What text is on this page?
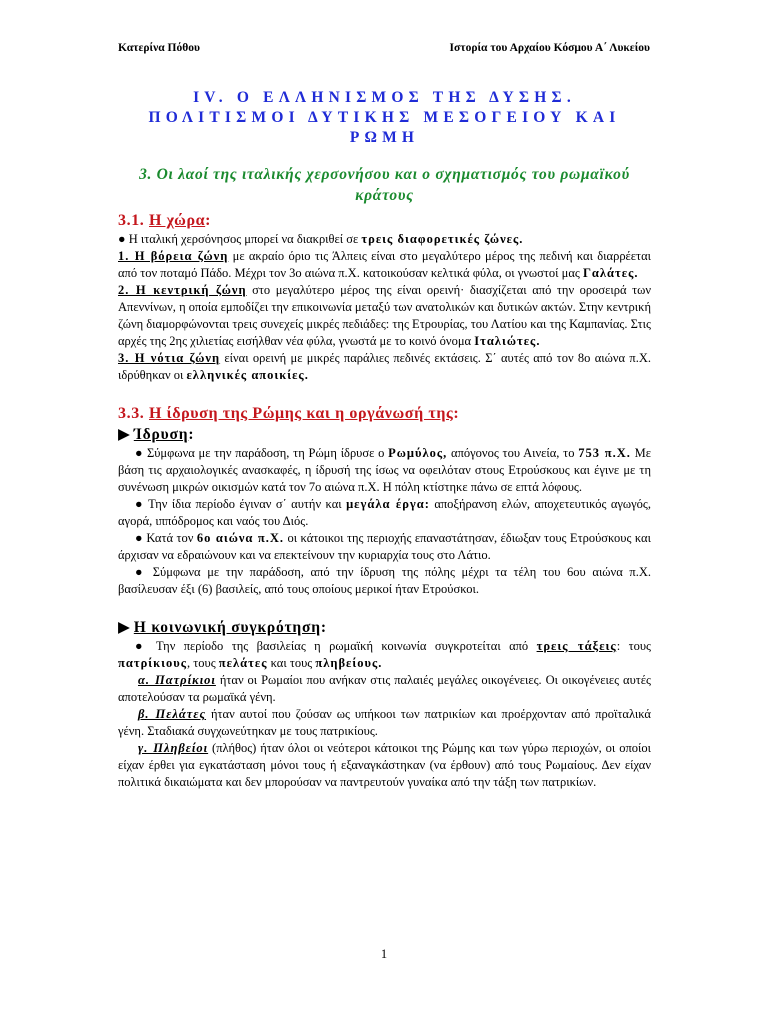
Κατερίνα Πόθου	Ιστορία του Αρχαίου Κόσμου Α΄ Λυκείου
ΙV. Ο ΕΛΛΗΝΙΣΜΟΣ ΤΗΣ ΔΥΣΗΣ.
ΠΟΛΙΤΙΣΜΟΙ ΔΥΤΙΚΗΣ ΜΕΣΟΓΕΙΟΥ ΚΑΙ
ΡΩΜΗ
3. Οι λαοί της ιταλικής χερσονήσου και ο σχηματισμός του ρωμαϊκού κράτους
3.1. Η χώρα:

● Η ιταλική χερσόνησος μπορεί να διακριθεί σε τρεις διαφορετικές ζώνες.

1. Η βόρεια ζώνη με ακραίο όριο τις Άλπεις είναι στο μεγαλύτερο μέρος της πεδινή και διαρρέεται από τον ποταμό Πάδο. Μέχρι τον 3ο αιώνα π.Χ. κατοικούσαν κελτικά φύλα, οι γνωστοί μας Γαλάτες.

2. Η κεντρική ζώνη στο μεγαλύτερο μέρος της είναι ορεινή· διασχίζεται από την οροσειρά των Απεννίνων, η οποία εμποδίζει την επικοινωνία μεταξύ των ανατολικών και δυτικών ακτών. Στην κεντρική ζώνη διαμορφώνονται τρεις συνεχείς μικρές πεδιάδες: της Ετρουρίας, του Λατίου και της Καμπανίας. Στις αρχές της 2ης χιλιετίας εισήλθαν νέα φύλα, γνωστά με το κοινό όνομα Ιταλιώτες.

3. Η νότια ζώνη είναι ορεινή με μικρές παράλιες πεδινές εκτάσεις. Σ΄ αυτές από τον 8ο αιώνα π.Χ. ιδρύθηκαν οι ελληνικές αποικίες.

3.3. Η ίδρυση της Ρώμης και η οργάνωσή της:
▶ Ίδρυση:

● Σύμφωνα με την παράδοση, τη Ρώμη ίδρυσε ο Ρωμύλος, απόγονος του Αινεία, το 753 π.Χ. Με βάση τις αρχαιολογικές ανασκαφές, η ίδρυσή της ίσως να οφειλόταν στους Ετρούσκους και έγινε με τη συνένωση μικρών οικισμών κατά τον 7ο αιώνα π.Χ. Η πόλη κτίστηκε πάνω σε επτά λόφους.

● Την ίδια περίοδο έγιναν σ΄ αυτήν και μεγάλα έργα: αποξήρανση ελών, αποχετευτικός αγωγός, αγορά, ιππόδρομος και ναός του Διός.

● Κατά τον 6ο αιώνα π.Χ. οι κάτοικοι της περιοχής επαναστάτησαν, έδιωξαν τους Ετρούσκους και άρχισαν να εδραιώνουν και να επεκτείνουν την κυριαρχία τους στο Λάτιο.

● Σύμφωνα με την παράδοση, από την ίδρυση της πόλης μέχρι τα τέλη του 6ου αιώνα π.Χ. βασίλευσαν έξι (6) βασιλείς, από τους οποίους μερικοί ήταν Ετρούσκοι.

▶ Η κοινωνική συγκρότηση:

● Την περίοδο της βασιλείας η ρωμαϊκή κοινωνία συγκροτείται από τρεις τάξεις: τους πατρίκιους, τους πελάτες και τους πληβείους.

α. Πατρίκιοι ήταν οι Ρωμαίοι που ανήκαν στις παλαιές μεγάλες οικογένειες. Οι οικογένειες αυτές αποτελούσαν τα ρωμαϊκά γένη.

β. Πελάτες ήταν αυτοί που ζούσαν ως υπήκοοι των πατρικίων και προέρχονταν από προϊταλικά γένη. Σταδιακά συγχωνεύτηκαν με τους πατρικίους.

γ. Πληβείοι (πλήθος) ήταν όλοι οι νεότεροι κάτοικοι της Ρώμης και των γύρω περιοχών, οι οποίοι είχαν έρθει για εγκατάσταση μόνοι τους ή εξαναγκάστηκαν (να έρθουν) από τους Ρωμαίους. Δεν είχαν πολιτικά δικαιώματα και δεν μπορούσαν να παντρευτούν γυναίκα από την τάξη των πατρικίων.

1
